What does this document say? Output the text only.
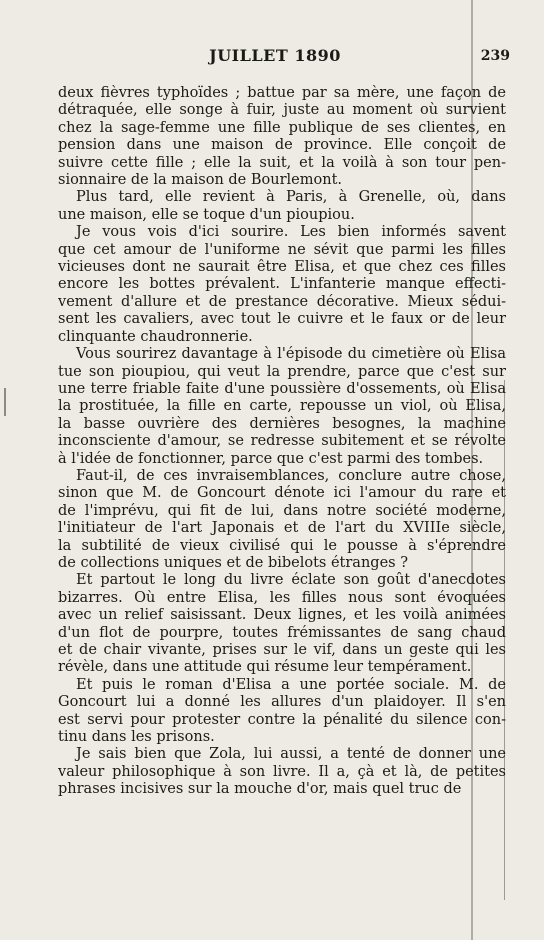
JUILLET 1890	239
deux fièvres typhoïdes ; battue par sa mère, une façon de
détraquée, elle songe à fuir, juste au moment où survient
chez la sage-femme une fille publique de ses clientes, en
pension dans une maison de province. Elle conçoit de
suivre cette fille ; elle la suit, et la voilà à son tour pen-
sionnaire de la maison de Bourlemont.
Plus tard, elle revient à Paris, à Grenelle, où, dans
une maison, elle se toque d'un pioupiou.
Je vous vois d'ici sourire. Les bien informés savent
que cet amour de l'uniforme ne sévit que parmi les filles
vicieuses dont ne saurait être Elisa, et que chez ces filles
encore les bottes prévalent. L'infanterie manque effecti-
vement d'allure et de prestance décorative. Mieux sédui-
sent les cavaliers, avec tout le cuivre et le faux or de leur
clinquante chaudronnerie.
Vous sourirez davantage à l'épisode du cimetière où Elisa
tue son pioupiou, qui veut la prendre, parce que c'est sur
une terre friable faite d'une poussière d'ossements, où Elisa
la prostituée, la fille en carte, repousse un viol, où Elisa,
la basse ouvrière des dernières besognes, la machine
inconsciente d'amour, se redresse subitement et se révolte
à l'idée de fonctionner, parce que c'est parmi des tombes.
Faut-il, de ces invraisemblances, conclure autre chose,
sinon que M. de Goncourt dénote ici l'amour du rare et
de l'imprévu, qui fit de lui, dans notre société moderne,
l'initiateur de l'art Japonais et de l'art du XVIIIe siècle,
la subtilité de vieux civilisé qui le pousse à s'éprendre
de collections uniques et de bibelots étranges ?
Et partout le long du livre éclate son goût d'anecdotes
bizarres. Où entre Elisa, les filles nous sont évoquées
avec un relief saisissant. Deux lignes, et les voilà animées
d'un flot de pourpre, toutes frémissantes de sang chaud
et de chair vivante, prises sur le vif, dans un geste qui les
révèle, dans une attitude qui résume leur tempérament.
Et puis le roman d'Elisa a une portée sociale. M. de
Goncourt lui a donné les allures d'un plaidoyer. Il s'en
est servi pour protester contre la pénalité du silence con-
tinu dans les prisons.
Je sais bien que Zola, lui aussi, a tenté de donner une
valeur philosophique à son livre. Il a, çà et là, de petites
phrases incisives sur la mouche d'or, mais quel truc de
